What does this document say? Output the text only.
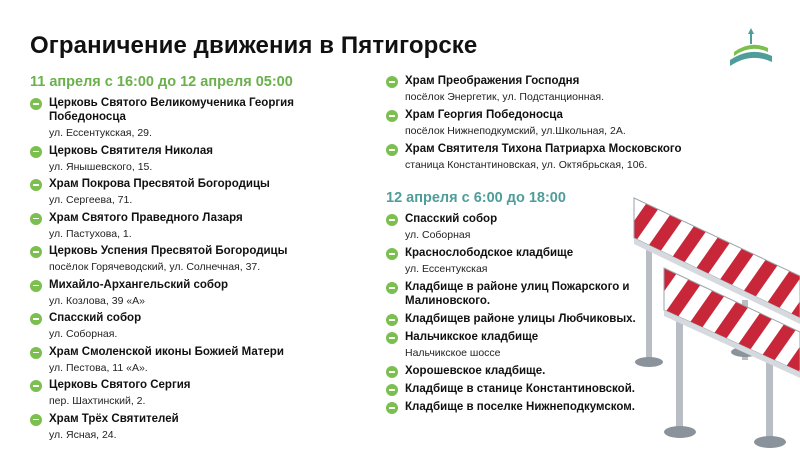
Ограничение движения в Пятигорске
11 апреля с 16:00 до 12 апреля 05:00
Церковь Святого Великомученика Георгия Победоносца
ул. Ессентукская, 29.
Церковь Святителя Николая
ул. Янышевского, 15.
Храм Покрова Пресвятой Богородицы
ул. Сергеева, 71.
Храм Святого Праведного Лазаря
ул. Пастухова, 1.
Церковь Успения Пресвятой Богородицы
посёлок Горячеводский, ул. Солнечная, 37.
Михайло-Архангельский собор
ул. Козлова, 39 «А»
Спасский собор
ул. Соборная.
Храм Смоленской иконы Божией Матери
ул. Пестова, 11 «А».
Церковь Святого Сергия
пер. Шахтинский, 2.
Храм Трёх Святителей
ул. Ясная, 24.
Храм Преображения Господня
посёлок Энергетик, ул. Подстанционная.
Храм Георгия Победоносца
посёлок Нижнеподкумский, ул.Школьная, 2А.
Храм Святителя Тихона Патриарха Московского
станица Константиновская, ул. Октябрьская, 106.
12 апреля с 6:00 до 18:00
Спасский собор
ул. Соборная
Краснослободское кладбище
ул. Ессентукская
Кладбище в районе улиц Пожарского и Малиновского.
Кладбищев районе улицы Любчиковых.
Нальчикское кладбище
Нальчикское шоссе
Хорошевское кладбище.
Кладбище в станице Константиновской.
Кладбище в поселке Нижнеподкумском.
